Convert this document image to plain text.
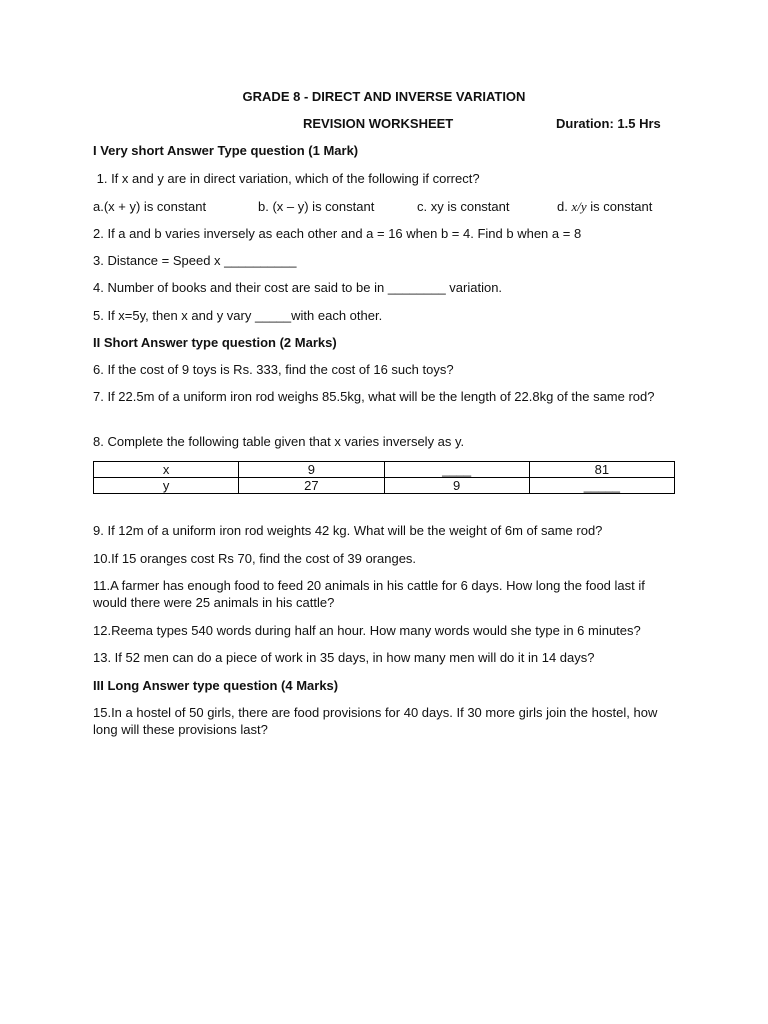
GRADE 8 - DIRECT AND INVERSE VARIATION
REVISION WORKSHEET	Duration: 1.5 Hrs
I Very short Answer Type question (1 Mark)
1. If x and y are in direct variation, which of the following if correct?
a.(x + y) is constant	b. (x – y) is constant	c. xy is constant	d. x/y is constant
2. If a and b varies inversely as each other and a = 16 when b = 4. Find b when a = 8
3. Distance = Speed x __________
4. Number of books and their cost are said to be in ________ variation.
5. If x=5y, then x and y vary _____with each other.
II Short Answer type question (2 Marks)
6. If the cost of 9 toys is Rs. 333, find the cost of 16 such toys?
7. If 22.5m of a uniform iron rod weighs 85.5kg, what will be the length of 22.8kg of the same rod?
8. Complete the following table given that x varies inversely as y.
x	9	____	81
y	27	9	_____
9. If 12m of a uniform iron rod weights 42 kg. What will be the weight of 6m of same rod?
10.If 15 oranges cost Rs 70, find the cost of 39 oranges.
11.A farmer has enough food to feed 20 animals in his cattle for 6 days. How long the food last if would there were 25 animals in his cattle?
12.Reema types 540 words during half an hour. How many words would she type in 6 minutes?
13. If 52 men can do a piece of work in 35 days, in how many men will do it in 14 days?
III Long Answer type question (4 Marks)
15.In a hostel of 50 girls, there are food provisions for 40 days. If 30 more girls join the hostel, how long will these provisions last?
